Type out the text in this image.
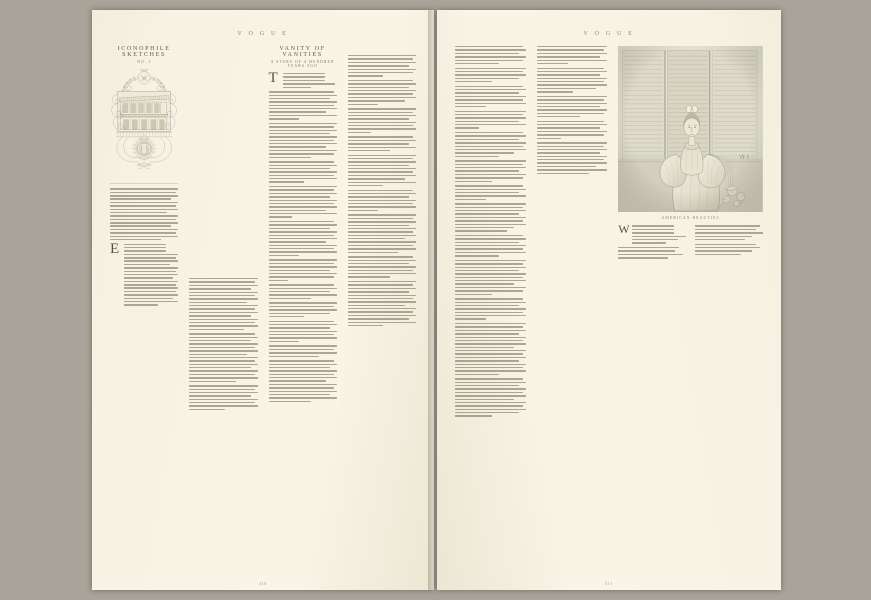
V O G U E
ICONOPHILE SKETCHES
NO. I
E
VANITY OF VANITIES
A STORY OF A HUNDRED YEARS AGO
T
310
V O G U E
AMERICAN BEAUTIES
W
311
